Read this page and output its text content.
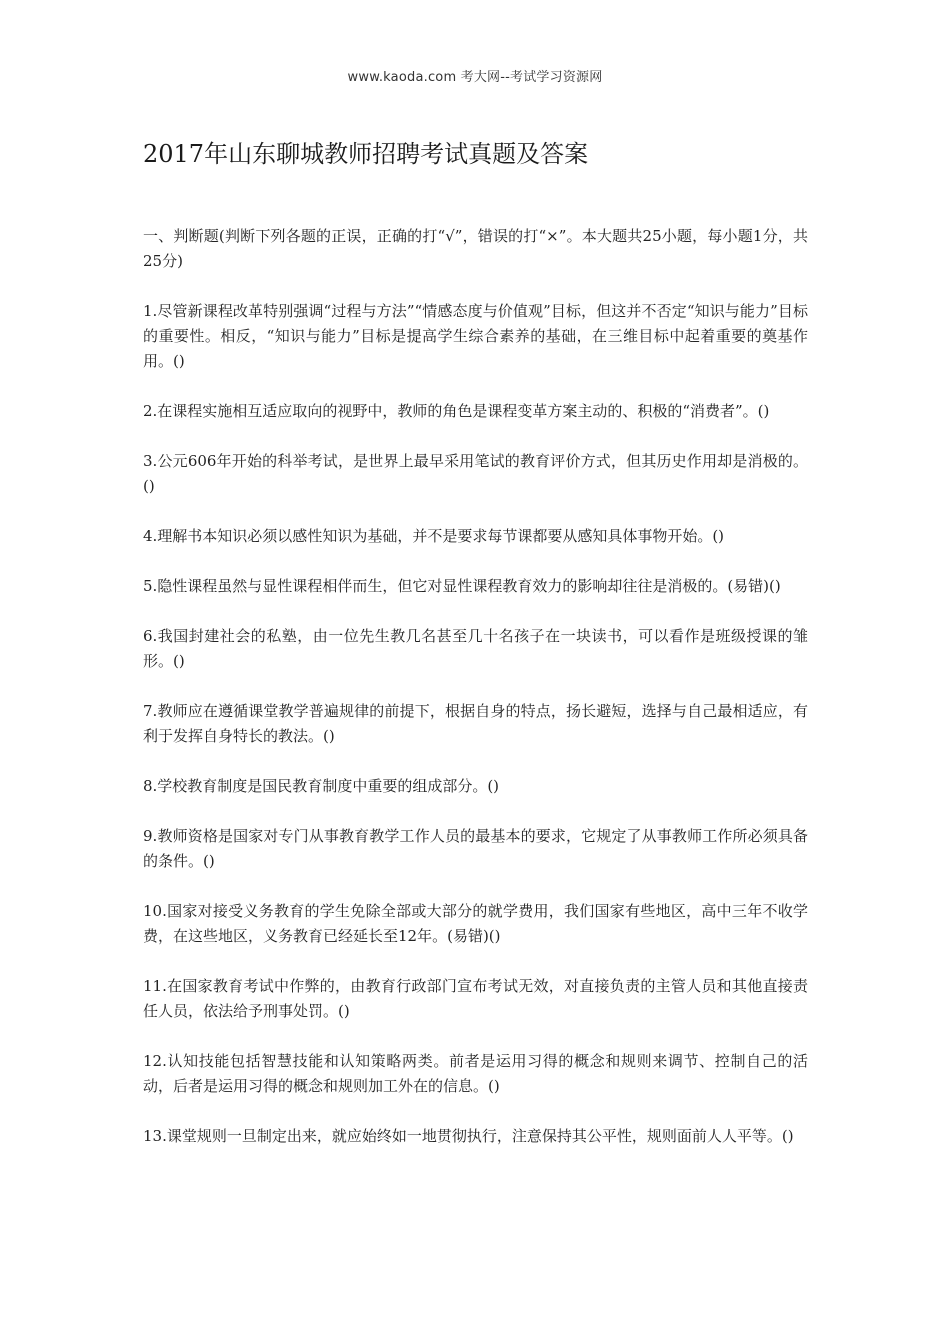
www.kaoda.com 考大网--考试学习资源网
2017年山东聊城教师招聘考试真题及答案

一、判断题(判断下列各题的正误，正确的打“√”，错误的打“×”。本大题共25小题，每小题1分，共25分)

1.尽管新课程改革特别强调“过程与方法”“情感态度与价值观”目标，但这并不否定“知识与能力”目标的重要性。相反，“知识与能力”目标是提高学生综合素养的基础，在三维目标中起着重要的奠基作用。()

2.在课程实施相互适应取向的视野中，教师的角色是课程变革方案主动的、积极的“消费者”。()

3.公元606年开始的科举考试，是世界上最早采用笔试的教育评价方式，但其历史作用却是消极的。()

4.理解书本知识必须以感性知识为基础，并不是要求每节课都要从感知具体事物开始。()

5.隐性课程虽然与显性课程相伴而生，但它对显性课程教育效力的影响却往往是消极的。(易错)()

6.我国封建社会的私塾，由一位先生教几名甚至几十名孩子在一块读书，可以看作是班级授课的雏形。()

7.教师应在遵循课堂教学普遍规律的前提下，根据自身的特点，扬长避短，选择与自己最相适应，有利于发挥自身特长的教法。()

8.学校教育制度是国民教育制度中重要的组成部分。()

9.教师资格是国家对专门从事教育教学工作人员的最基本的要求，它规定了从事教师工作所必须具备的条件。()

10.国家对接受义务教育的学生免除全部或大部分的就学费用，我们国家有些地区，高中三年不收学费，在这些地区，义务教育已经延长至12年。(易错)()

11.在国家教育考试中作弊的，由教育行政部门宣布考试无效，对直接负责的主管人员和其他直接责任人员，依法给予刑事处罚。()

12.认知技能包括智慧技能和认知策略两类。前者是运用习得的概念和规则来调节、控制自己的活动，后者是运用习得的概念和规则加工外在的信息。()

13.课堂规则一旦制定出来，就应始终如一地贯彻执行，注意保持其公平性，规则面前人人平等。()
